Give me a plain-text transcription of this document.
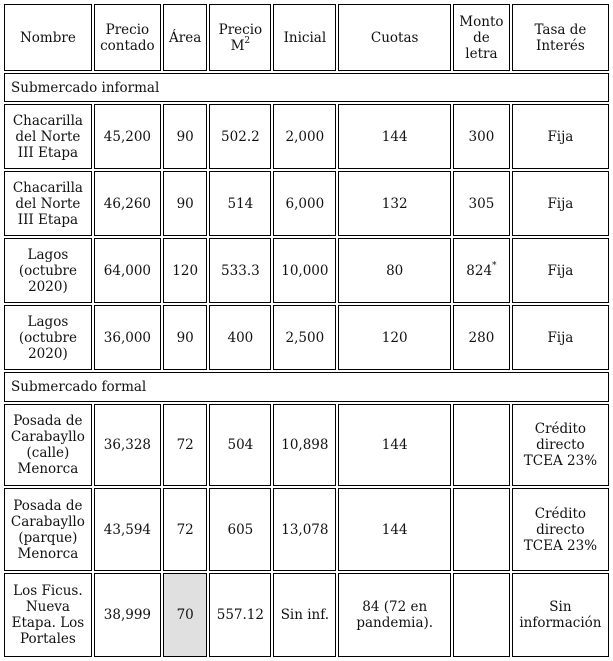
Nombre	Precio contado	Área	Precio $M^2$	Inicial	Cuotas	Monto de letra	Tasa de Interés
Submercado informal							
Chacarilla del Norte III Etapa	45,200	90	502.2	2,000	144	300	Fija
Chacarilla del Norte III Etapa	46,260	90	514	6,000	132	305	Fija
Lagos (octubre 2020)	64,000	120	533.3	10,000	80	824*	Fija
Lagos (octubre 2020)	36,000	90	400	2,500	120	280	Fija
Submercado formal							
Posada de Carabayllo (calle) Menorca	36,328	72	504	10,898	144		Crédito directo TCEA 23%
Posada de Carabayllo (parque) Menorca	43,594	72	605	13,078	144		Crédito directo TCEA 23%
Los Ficus. Nueva Etapa. Los Portales	38,999	70	557.12	Sin inf.	84 (72 en pandemia).		Sin información
